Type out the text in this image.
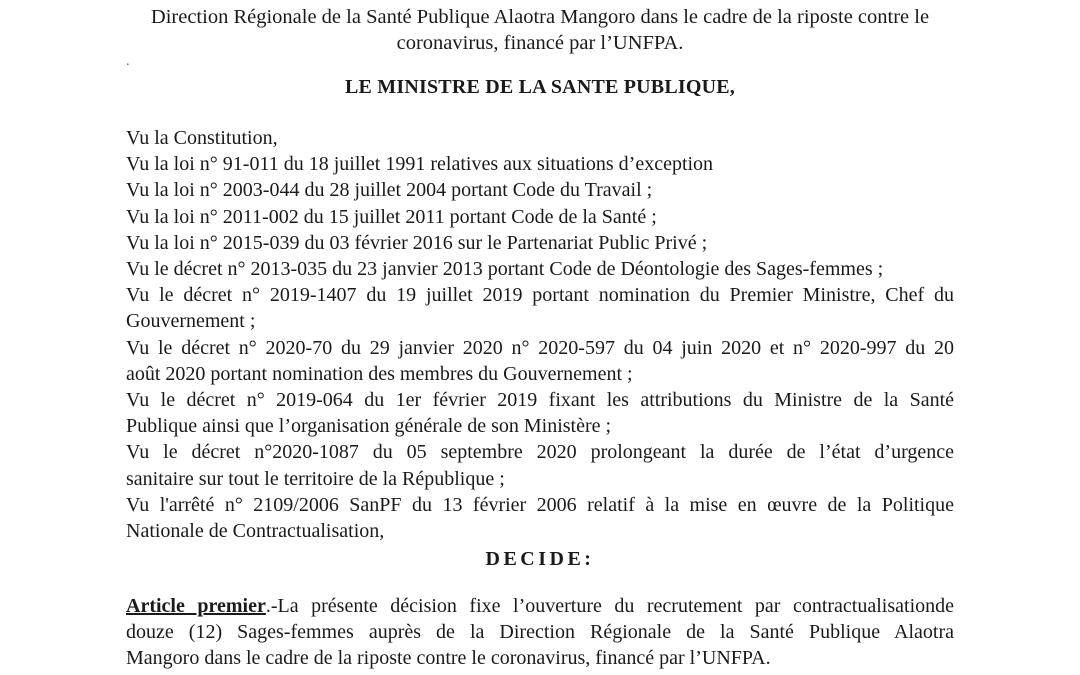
Direction Régionale de la Santé Publique Alaotra Mangoro dans le cadre de la riposte contre le
coronavirus, financé par l’UNFPA.
.
LE MINISTRE DE LA SANTE PUBLIQUE,
Vu la Constitution,
Vu la loi n° 91-011 du 18 juillet 1991 relatives aux situations d’exception
Vu la loi n° 2003-044 du 28 juillet 2004 portant Code du Travail ;
Vu la loi n° 2011-002 du 15 juillet 2011 portant Code de la Santé ;
Vu la loi n° 2015-039 du 03 février 2016 sur le Partenariat Public Privé ;
Vu le décret n° 2013-035 du 23 janvier 2013 portant Code de Déontologie des Sages-femmes ;
Vu le décret n° 2019-1407 du 19 juillet 2019 portant nomination du Premier Ministre, Chef du
Gouvernement ;
Vu le décret n° 2020-70 du 29 janvier 2020 n° 2020-597 du 04 juin 2020 et n° 2020-997 du 20
août 2020 portant nomination des membres du Gouvernement ;
Vu le décret n° 2019-064 du 1er février 2019 fixant les attributions du Ministre de la Santé
Publique ainsi que l’organisation générale de son Ministère ;
Vu le décret n°2020-1087 du 05 septembre 2020 prolongeant la durée de l’état d’urgence
sanitaire sur tout le territoire de la République ;
Vu l'arrêté n° 2109/2006 SanPF du 13 février 2006 relatif à la mise en œuvre de la Politique
Nationale de Contractualisation,
DECIDE:
Article premier.-La présente décision fixe l’ouverture du recrutement par contractualisationde
douze (12) Sages-femmes auprès de la Direction Régionale de la Santé Publique Alaotra
Mangoro dans le cadre de la riposte contre le coronavirus, financé par l’UNFPA.
